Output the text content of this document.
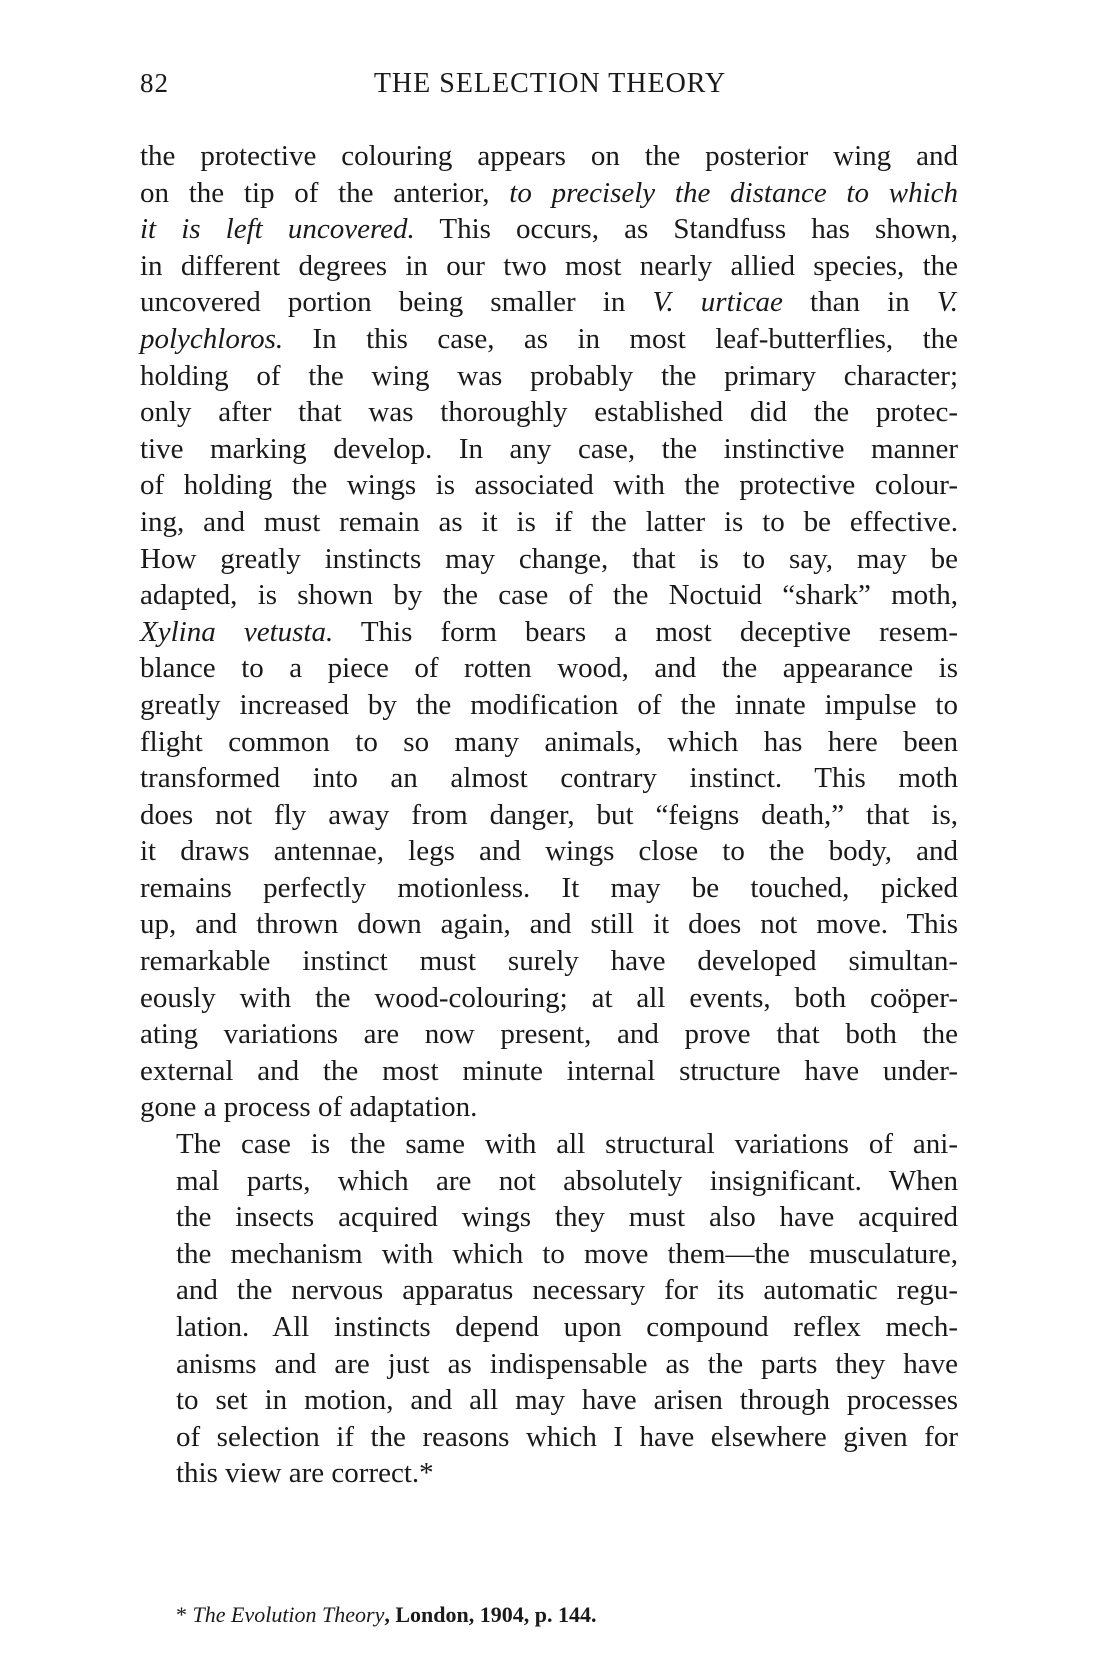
82	THE SELECTION THEORY

the protective colouring appears on the posterior wing and
on the tip of the anterior, to precisely the distance to which
it is left uncovered. This occurs, as Standfuss has shown,
in different degrees in our two most nearly allied species, the
uncovered portion being smaller in V. urticae than in V.
polychloros. In this case, as in most leaf-butterflies, the
holding of the wing was probably the primary character;
only after that was thoroughly established did the protec-
tive marking develop. In any case, the instinctive manner
of holding the wings is associated with the protective colour-
ing, and must remain as it is if the latter is to be effective.
How greatly instincts may change, that is to say, may be
adapted, is shown by the case of the Noctuid “shark” moth,
Xylina vetusta. This form bears a most deceptive resem-
blance to a piece of rotten wood, and the appearance is
greatly increased by the modification of the innate impulse to
flight common to so many animals, which has here been
transformed into an almost contrary instinct. This moth
does not fly away from danger, but “feigns death,” that is,
it draws antennae, legs and wings close to the body, and
remains perfectly motionless. It may be touched, picked
up, and thrown down again, and still it does not move. This
remarkable instinct must surely have developed simultan-
eously with the wood-colouring; at all events, both coöper-
ating variations are now present, and prove that both the
external and the most minute internal structure have under-
gone a process of adaptation.

The case is the same with all structural variations of ani-
mal parts, which are not absolutely insignificant. When
the insects acquired wings they must also have acquired
the mechanism with which to move them—the musculature,
and the nervous apparatus necessary for its automatic regu-
lation. All instincts depend upon compound reflex mech-
anisms and are just as indispensable as the parts they have
to set in motion, and all may have arisen through processes
of selection if the reasons which I have elsewhere given for
this view are correct.*

* The Evolution Theory, London, 1904, p. 144.
